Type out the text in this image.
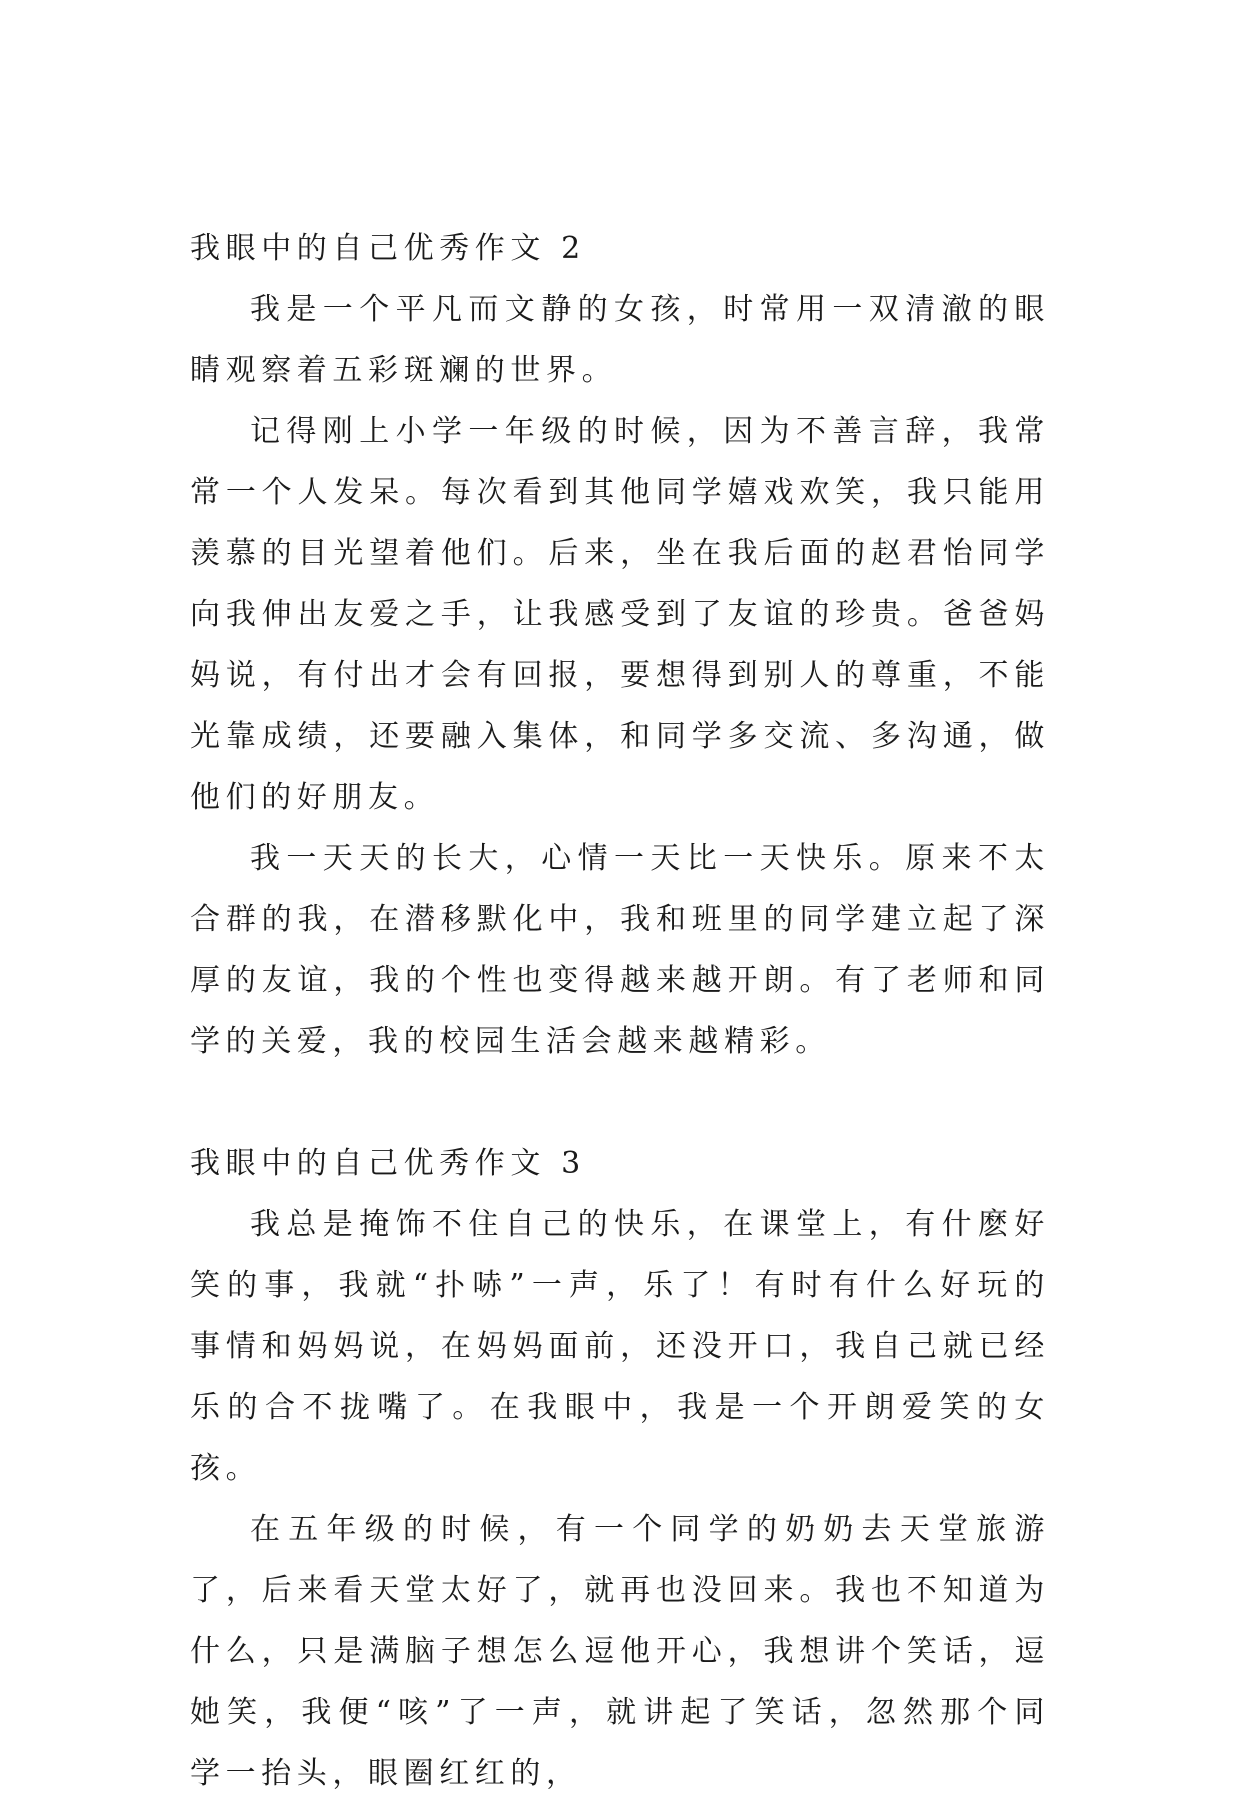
我眼中的自己优秀作文 2

我是一个平凡而文静的女孩，时常用一双清澈的眼睛观察着五彩斑斓的世界。

记得刚上小学一年级的时候，因为不善言辞，我常常一个人发呆。每次看到其他同学嬉戏欢笑，我只能用羡慕的目光望着他们。后来，坐在我后面的赵君怡同学向我伸出友爱之手，让我感受到了友谊的珍贵。爸爸妈妈说，有付出才会有回报，要想得到别人的尊重，不能光靠成绩，还要融入集体，和同学多交流、多沟通，做他们的好朋友。

我一天天的长大，心情一天比一天快乐。原来不太合群的我，在潜移默化中，我和班里的同学建立起了深厚的友谊，我的个性也变得越来越开朗。有了老师和同学的关爱，我的校园生活会越来越精彩。

我眼中的自己优秀作文 3

我总是掩饰不住自己的快乐，在课堂上，有什麽好笑的事，我就“扑哧”一声，乐了！有时有什么好玩的事情和妈妈说，在妈妈面前，还没开口，我自己就已经乐的合不拢嘴了。在我眼中，我是一个开朗爱笑的女孩。

在五年级的时候，有一个同学的奶奶去天堂旅游了，后来看天堂太好了，就再也没回来。我也不知道为什么，只是满脑子想怎么逗他开心，我想讲个笑话，逗她笑，我便“咳”了一声，就讲起了笑话，忽然那个同学一抬头，眼圈红红的，
